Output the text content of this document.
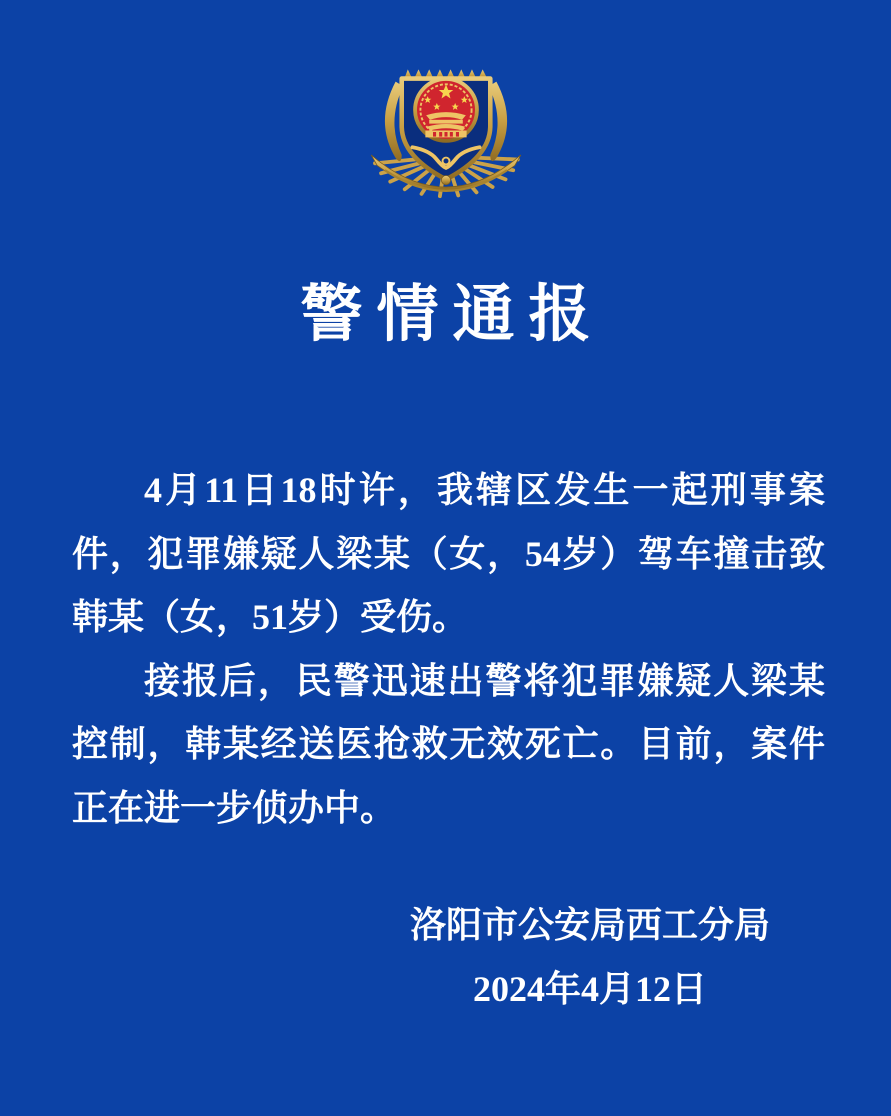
警情通报

4月11日18时许，我辖区发生一起刑事案件，犯罪嫌疑人梁某（女，54岁）驾车撞击致韩某（女，51岁）受伤。

接报后，民警迅速出警将犯罪嫌疑人梁某控制，韩某经送医抢救无效死亡。目前，案件正在进一步侦办中。

洛阳市公安局西工分局
2024年4月12日
